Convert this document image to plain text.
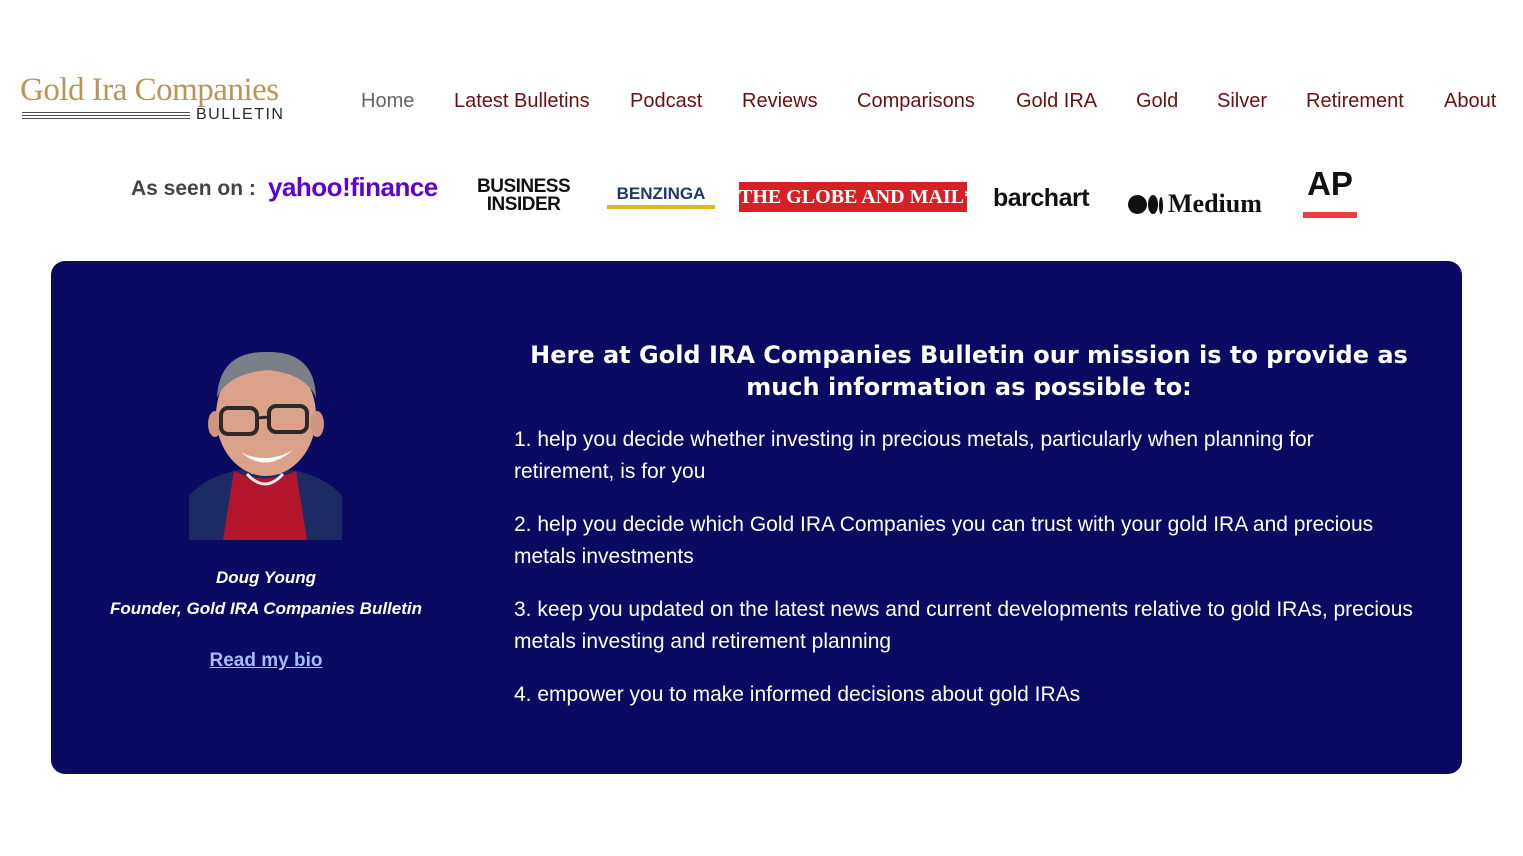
Gold Ira Companies
BULLETIN
Home Latest Bulletins Podcast Reviews Comparisons Gold IRA Gold Silver Retirement About
As seen on : yahoo!finance BUSINESS
INSIDER
BENZINGA	THE GLOBE AND MAIL* barchart	Medium
AP
Doug Young
Founder, Gold IRA Companies Bulletin
Read my bio
Here at Gold IRA Companies Bulletin our mission is to provide as much information as possible to:
1. help you decide whether investing in precious metals, particularly when planning for retirement, is for you
2. help you decide which Gold IRA Companies you can trust with your gold IRA and precious metals investments
3. keep you updated on the latest news and current developments relative to gold IRAs, precious metals investing and retirement planning
4. empower you to make informed decisions about gold IRAs
